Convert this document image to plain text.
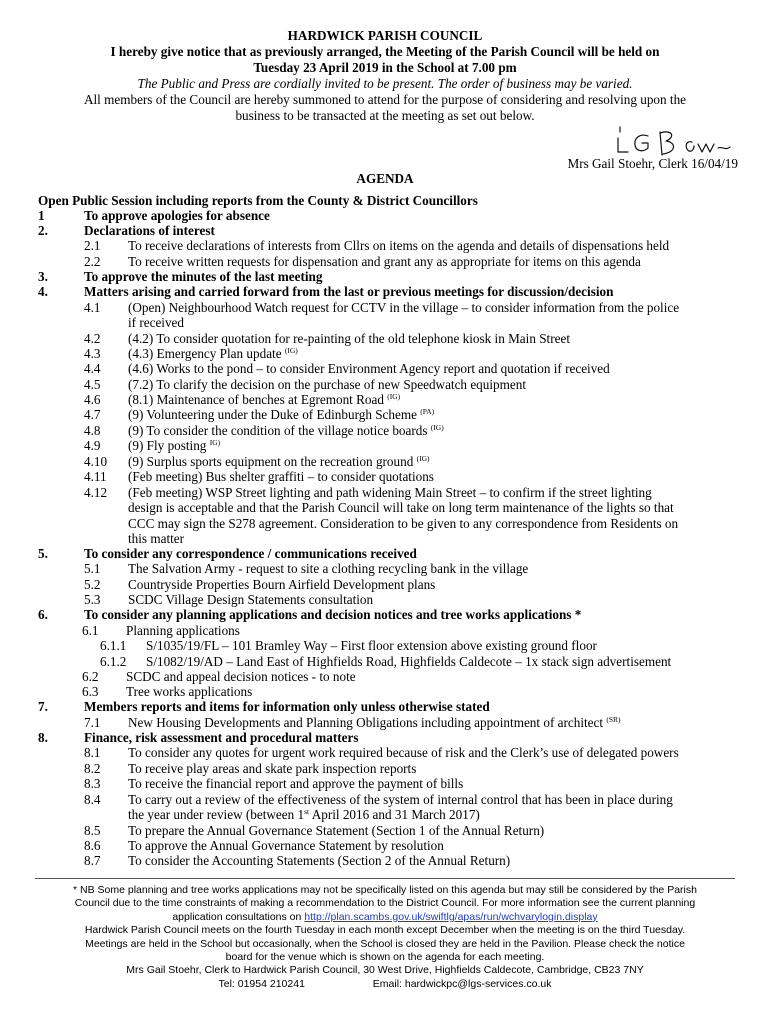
HARDWICK PARISH COUNCIL
I hereby give notice that as previously arranged, the Meeting of the Parish Council will be held on
Tuesday 23 April 2019 in the School at 7.00 pm
The Public and Press are cordially invited to be present. The order of business may be varied.
All members of the Council are hereby summoned to attend for the purpose of considering and resolving upon the
business to be transacted at the meeting as set out below.
Mrs Gail Stoehr, Clerk 16/04/19
AGENDA
Open Public Session including reports from the County & District Councillors
1	To approve apologies for absence
2.	Declarations of interest
2.1 To receive declarations of interests from Cllrs on items on the agenda and details of dispensations held
2.2 To receive written requests for dispensation and grant any as appropriate for items on this agenda
3.	To approve the minutes of the last meeting
4.	Matters arising and carried forward from the last or previous meetings for discussion/decision
4.1 (Open) Neighbourhood Watch request for CCTV in the village – to consider information from the police
if received
4.2 (4.2) To consider quotation for re-painting of the old telephone kiosk in Main Street
4.3 (4.3) Emergency Plan update $^{(IG)}$
4.4 (4.6) Works to the pond – to consider Environment Agency report and quotation if received
4.5 (7.2) To clarify the decision on the purchase of new Speedwatch equipment
4.6 (8.1) Maintenance of benches at Egremont Road $^{(IG)}$
4.7 (9) Volunteering under the Duke of Edinburgh Scheme $^{(PA)}$
4.8 (9) To consider the condition of the village notice boards $^{(IG)}$
4.9 (9) Fly posting $^{IG)}$
4.10 (9) Surplus sports equipment on the recreation ground $^{(IG)}$
4.11 (Feb meeting) Bus shelter graffiti – to consider quotations
4.12 (Feb meeting) WSP Street lighting and path widening Main Street – to confirm if the street lighting
design is acceptable and that the Parish Council will take on long term maintenance of the lights so that
CCC may sign the S278 agreement. Consideration to be given to any correspondence from Residents on
this matter
5.	To consider any correspondence / communications received
5.1 The Salvation Army - request to site a clothing recycling bank in the village
5.2 Countryside Properties Bourn Airfield Development plans
5.3 SCDC Village Design Statements consultation
6.	To consider any planning applications and decision notices and tree works applications *
6.1 Planning applications
6.1.1 S/1035/19/FL – 101 Bramley Way – First floor extension above existing ground floor
6.1.2 S/1082/19/AD – Land East of Highfields Road, Highfields Caldecote – 1x stack sign advertisement
6.2 SCDC and appeal decision notices - to note
6.3 Tree works applications
7.	Members reports and items for information only unless otherwise stated
7.1 New Housing Developments and Planning Obligations including appointment of architect $^{(SR)}$
8.	Finance, risk assessment and procedural matters
8.1 To consider any quotes for urgent work required because of risk and the Clerk’s use of delegated powers
8.2 To receive play areas and skate park inspection reports
8.3 To receive the financial report and approve the payment of bills
8.4 To carry out a review of the effectiveness of the system of internal control that has been in place during
the year under review (between 1st April 2016 and 31 March 2017)
8.5 To prepare the Annual Governance Statement (Section 1 of the Annual Return)
8.6 To approve the Annual Governance Statement by resolution
8.7 To consider the Accounting Statements (Section 2 of the Annual Return)
* NB Some planning and tree works applications may not be specifically listed on this agenda but may still be considered by the Parish
Council due to the time constraints of making a recommendation to the District Council. For more information see the current planning
application consultations on http://plan.scambs.gov.uk/swiftlg/apas/run/wchvarylogin.display
Hardwick Parish Council meets on the fourth Tuesday in each month except December when the meeting is on the third Tuesday.
Meetings are held in the School but occasionally, when the School is closed they are held in the Pavilion. Please check the notice
board for the venue which is shown on the agenda for each meeting.
Mrs Gail Stoehr, Clerk to Hardwick Parish Council, 30 West Drive, Highfields Caldecote, Cambridge, CB23 7NY
Tel: 01954 210241	Email: hardwickpc@lgs-services.co.uk
